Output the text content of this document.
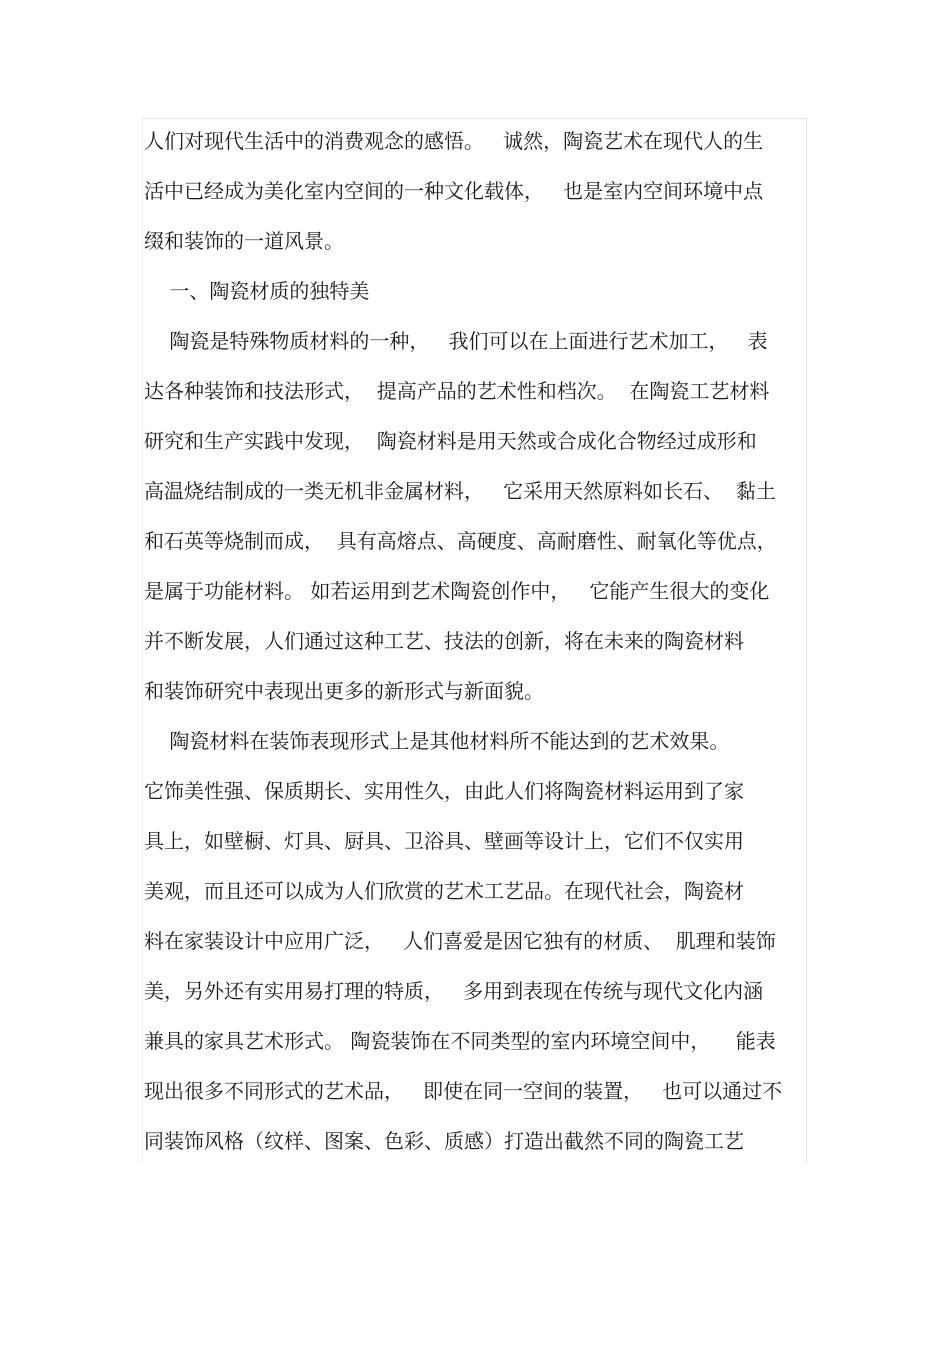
人们对现代生活中的消费观念的感悟。   诚然，陶瓷艺术在现代人的生
活中已经成为美化室内空间的一种文化载体，   也是室内空间环境中点
缀和装饰的一道风景。
一、陶瓷材质的独特美
陶瓷是特殊物质材料的一种，   我们可以在上面进行艺术加工，   表
达各种装饰和技法形式，  提高产品的艺术性和档次。  在陶瓷工艺材料
研究和生产实践中发现，  陶瓷材料是用天然或合成化合物经过成形和
高温烧结制成的一类无机非金属材料，   它采用天然原料如长石、  黏土
和石英等烧制而成，  具有高熔点、高硬度、高耐磨性、耐氧化等优点，
是属于功能材料。 如若运用到艺术陶瓷创作中，   它能产生很大的变化
并不断发展，人们通过这种工艺、技法的创新，将在未来的陶瓷材料
和装饰研究中表现出更多的新形式与新面貌。
陶瓷材料在装饰表现形式上是其他材料所不能达到的艺术效果。
它饰美性强、保质期长、实用性久，由此人们将陶瓷材料运用到了家
具上，如壁橱、灯具、厨具、卫浴具、壁画等设计上，它们不仅实用
美观，而且还可以成为人们欣赏的艺术工艺品。在现代社会，陶瓷材
料在家装设计中应用广泛，   人们喜爱是因它独有的材质、  肌理和装饰
美，另外还有实用易打理的特质，   多用到表现在传统与现代文化内涵
兼具的家具艺术形式。 陶瓷装饰在不同类型的室内环境空间中，    能表
现出很多不同形式的艺术品，   即使在同一空间的装置，   也可以通过不
同装饰风格（纹样、图案、色彩、质感）打造出截然不同的陶瓷工艺
